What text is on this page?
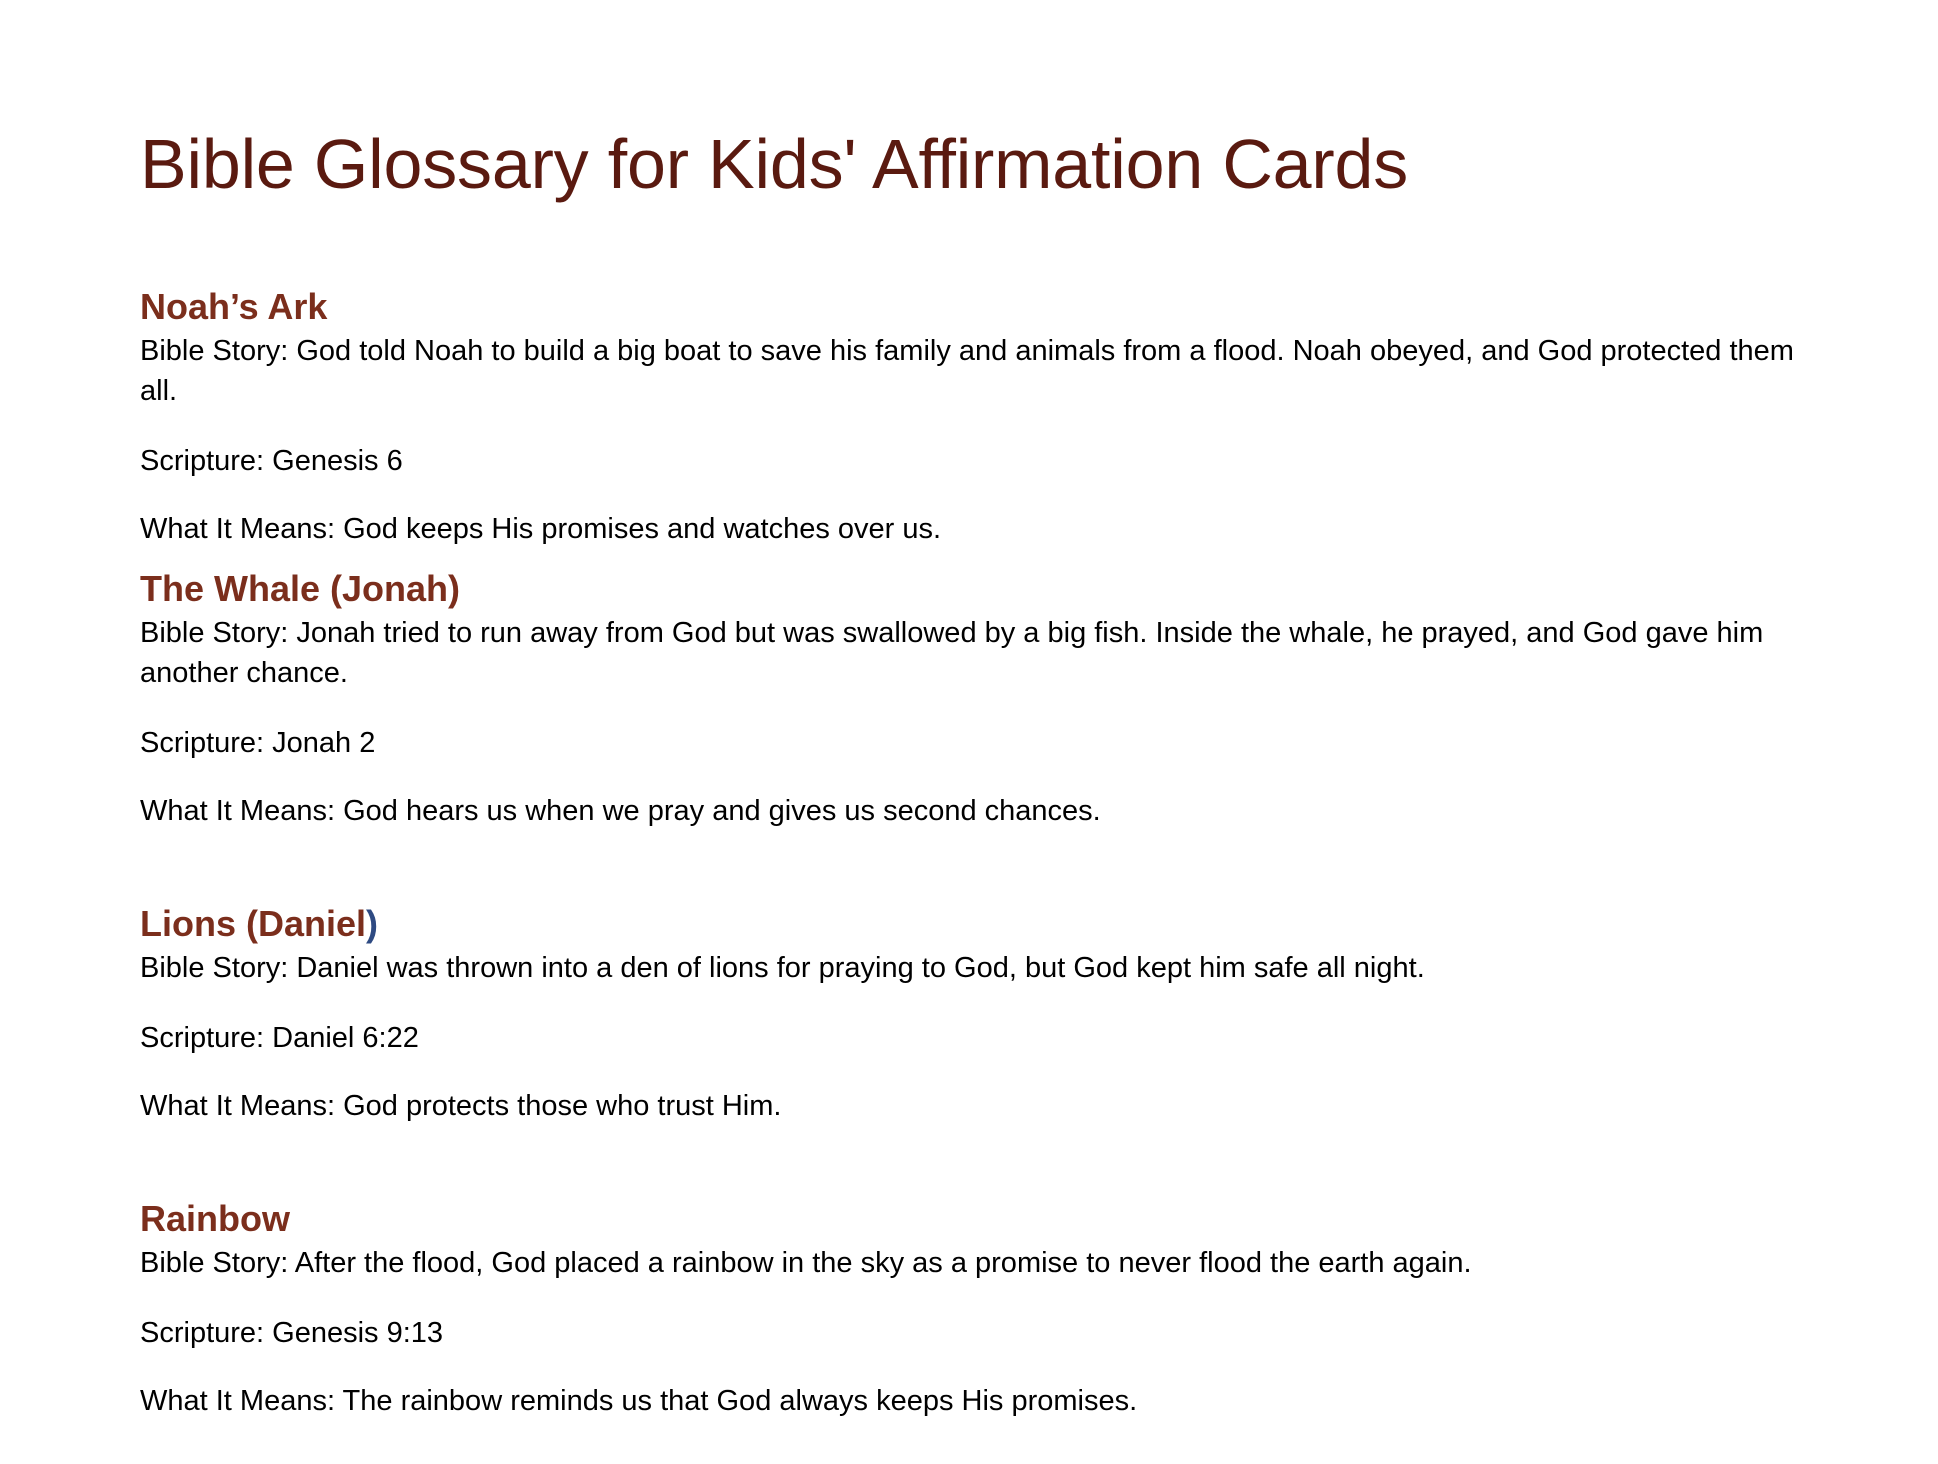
Bible Glossary for Kids' Affirmation Cards
Noah’s Ark

Bible Story: God told Noah to build a big boat to save his family and animals from a flood. Noah obeyed, and God protected them all.

Scripture: Genesis 6

What It Means: God keeps His promises and watches over us.

The Whale (Jonah)

Bible Story: Jonah tried to run away from God but was swallowed by a big fish. Inside the whale, he prayed, and God gave him another chance.

Scripture: Jonah 2

What It Means: God hears us when we pray and gives us second chances.

Lions (Daniel)

Bible Story: Daniel was thrown into a den of lions for praying to God, but God kept him safe all night.

Scripture: Daniel 6:22

What It Means: God protects those who trust Him.

Rainbow

Bible Story: After the flood, God placed a rainbow in the sky as a promise to never flood the earth again.

Scripture: Genesis 9:13

What It Means: The rainbow reminds us that God always keeps His promises.
